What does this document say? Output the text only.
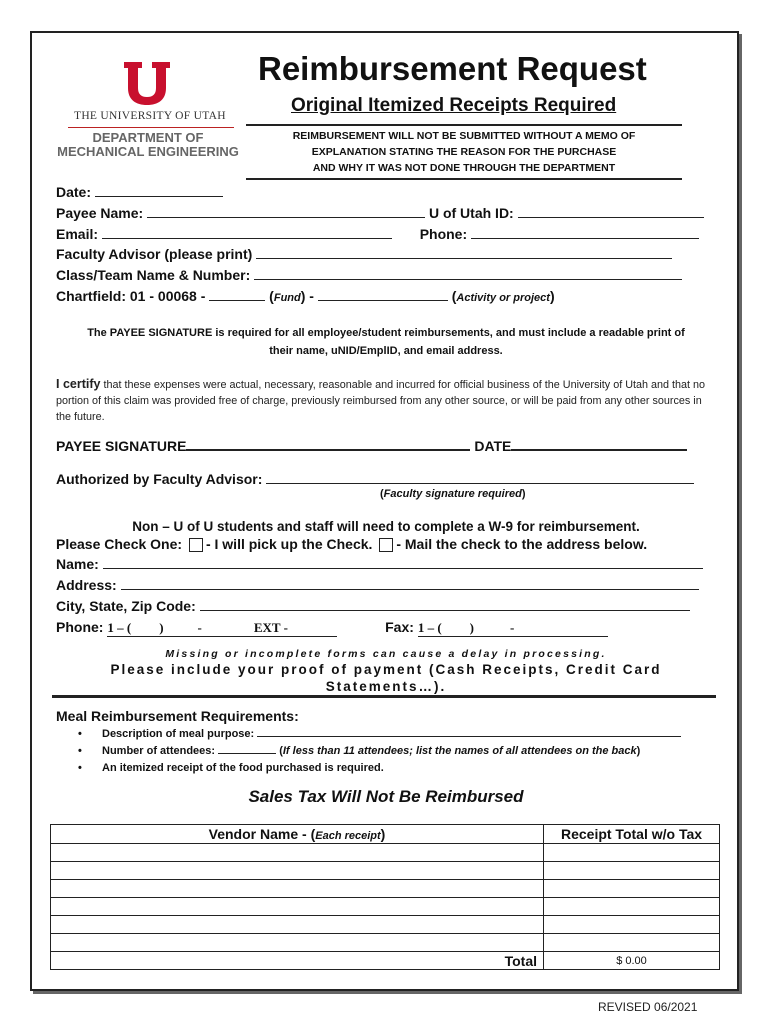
THE UNIVERSITY OF UTAH
DEPARTMENT OF
MECHANICAL ENGINEERING
Reimbursement Request
Original Itemized Receipts Required
REIMBURSEMENT WILL NOT BE SUBMITTED WITHOUT A MEMO OF
EXPLANATION STATING THE REASON FOR THE PURCHASE
AND WHY IT WAS NOT DONE THROUGH THE DEPARTMENT
Date:
Payee Name:	U of Utah ID:
Email:	Phone:
Faculty Advisor (please print)
Class/Team Name & Number:
Chartfield: 01 - 00068 -	(Fund) -	(Activity or project)
The PAYEE SIGNATURE is required for all employee/student reimbursements, and must include a readable print of
their name, uNID/EmplID, and email address.
I certify that these expenses were actual, necessary, reasonable and incurred for official business of the University of Utah and that no portion of this claim was provided free of charge, previously reimbursed from any other source, or will be paid from any other sources in the future.
PAYEE SIGNATURE	DATE
Authorized by Faculty Advisor:
(Faculty signature required)
Non – U of U students and staff will need to complete a W-9 for reimbursement.
Please Check One: - I will pick up the Check. - Mail the check to the address below.
Name:
Address:
City, State, Zip Code:
Phone: 1 – ( )	-	EXT -	Fax: 1 – ( )	-
Missing or incomplete forms can cause a delay in processing.
Please include your proof of payment (Cash Receipts, Credit Card
Statements…).
Meal Reimbursement Requirements:
• Description of meal purpose:
• Number of attendees:	(If less than 11 attendees; list the names of all attendees on the back)
• An itemized receipt of the food purchased is required.
Sales Tax Will Not Be Reimbursed
Vendor Name - (Each receipt)	Receipt Total w/o Tax

Total	$ 0.00
REVISED 06/2021
